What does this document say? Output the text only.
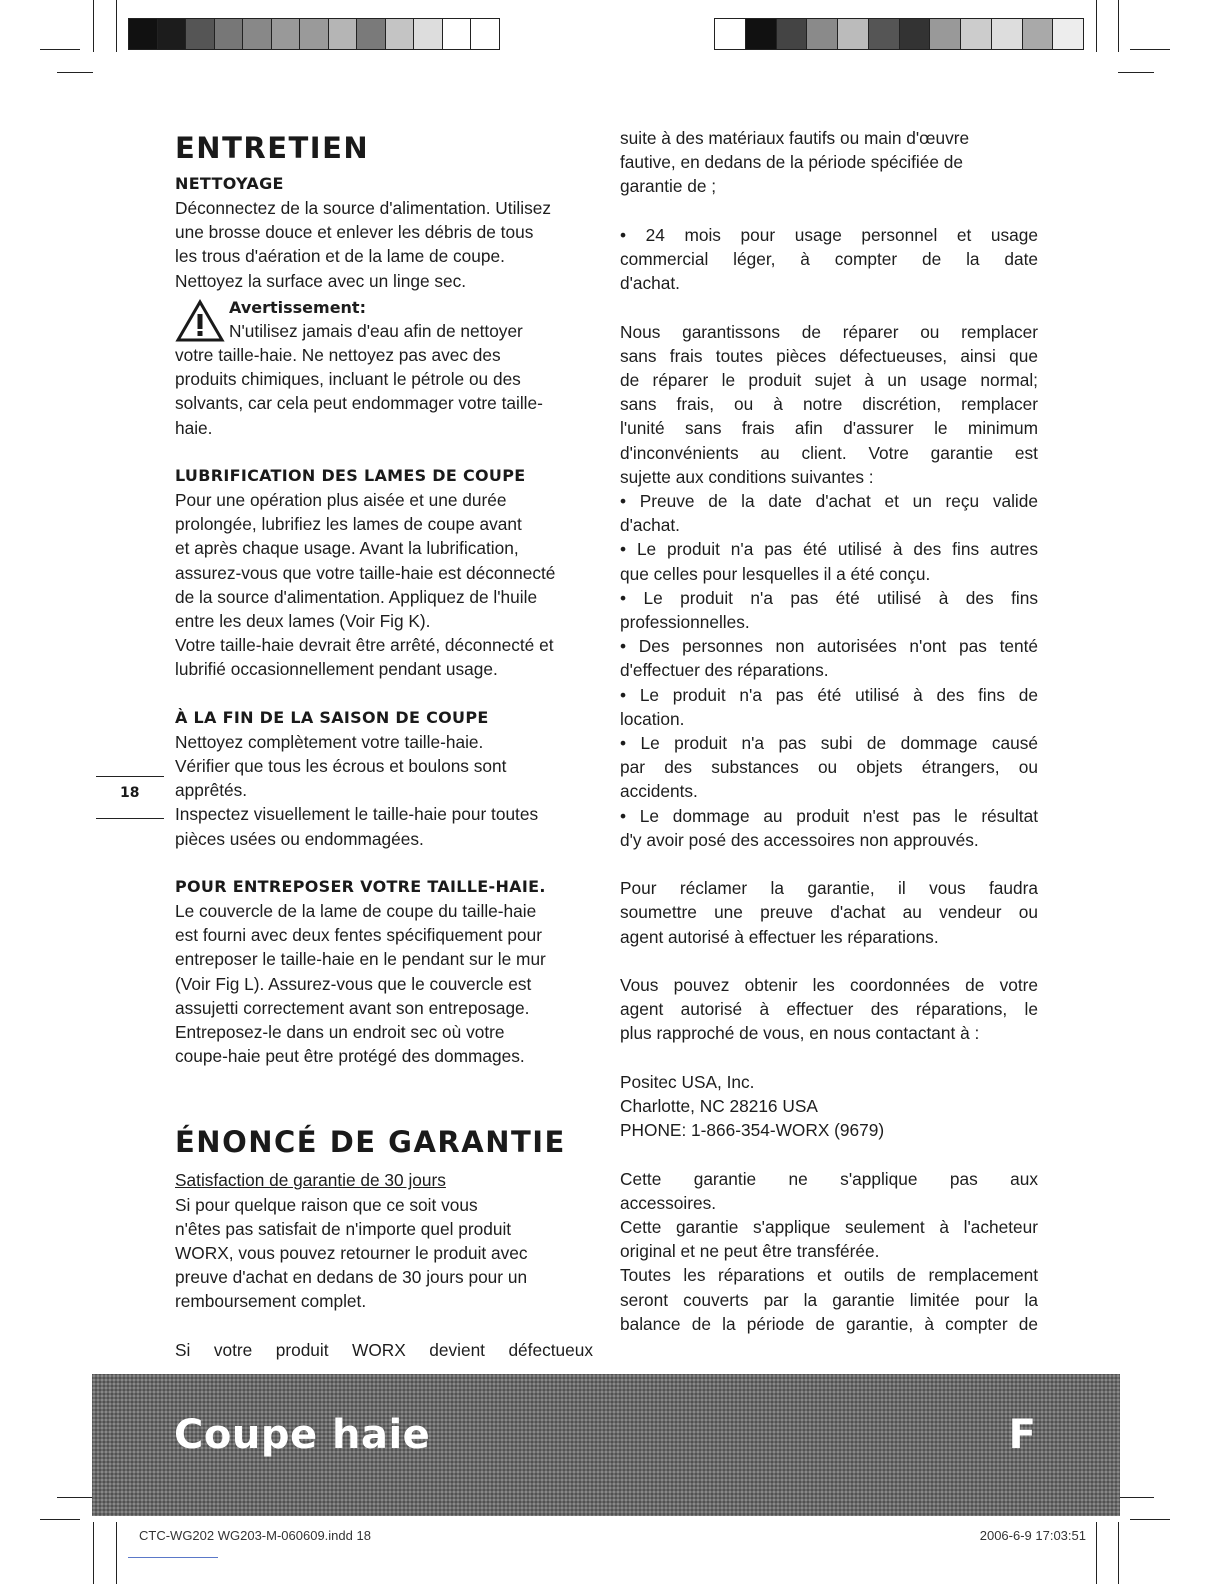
18
ENTRETIEN
NETTOYAGE

Déconnectez de la source d'alimentation. Utilisez

une brosse douce et enlever les débris de tous

les trous d'aération et de la lame de coupe.

Nettoyez la surface avec un linge sec.

Avertissement:

N'utilisez jamais d'eau afin de nettoyer

votre taille-haie. Ne nettoyez pas avec des

produits chimiques, incluant le pétrole ou des

solvants, car cela peut endommager votre taille-

haie.

LUBRIFICATION DES LAMES DE COUPE

Pour une opération plus aisée et une durée

prolongée, lubrifiez les lames de coupe avant

et après chaque usage. Avant la lubrification,

assurez-vous que votre taille-haie est déconnecté

de la source d'alimentation. Appliquez de l'huile

entre les deux lames (Voir Fig K).

Votre taille-haie devrait être arrêté, déconnecté et

lubrifié occasionnellement pendant usage.

À LA FIN DE LA SAISON DE COUPE

Nettoyez complètement votre taille-haie.

Vérifier que tous les écrous et boulons sont

apprêtés.

Inspectez visuellement le taille-haie pour toutes

pièces usées ou endommagées.

POUR ENTREPOSER VOTRE TAILLE-HAIE.

Le couvercle de la lame de coupe du taille-haie

est fourni avec deux fentes spécifiquement pour

entreposer le taille-haie en le pendant sur le mur

(Voir Fig L). Assurez-vous que le couvercle est

assujetti correctement avant son entreposage.

Entreposez-le dans un endroit sec où votre

coupe-haie peut être protégé des dommages.

ÉNONCÉ DE GARANTIE

Satisfaction de garantie de 30 jours

Si pour quelque raison que ce soit vous

n'êtes pas satisfait de n'importe quel produit

WORX, vous pouvez retourner le produit avec

preuve d'achat en dedans de 30 jours pour un

remboursement complet.

Si votre produit WORX devient défectueux

suite à des matériaux fautifs ou main d'œuvre

fautive, en dedans de la période spécifiée de

garantie de ;

• 24 mois pour usage personnel et usage

commercial léger, à compter de la date

d'achat.

Nous garantissons de réparer ou remplacer

sans frais toutes pièces défectueuses, ainsi que

de réparer le produit sujet à un usage normal;

sans frais, ou à notre discrétion, remplacer

l'unité sans frais afin d'assurer le minimum

d'inconvénients au client. Votre garantie est

sujette aux conditions suivantes :

• Preuve de la date d'achat et un reçu valide

d'achat.

• Le produit n'a pas été utilisé à des fins autres

que celles pour lesquelles il a été conçu.

• Le produit n'a pas été utilisé à des fins

professionnelles.

• Des personnes non autorisées n'ont pas tenté

d'effectuer des réparations.

• Le produit n'a pas été utilisé à des fins de

location.

• Le produit n'a pas subi de dommage causé

par des substances ou objets étrangers, ou

accidents.

• Le dommage au produit n'est pas le résultat

d'y avoir posé des accessoires non approuvés.

Pour réclamer la garantie, il vous faudra

soumettre une preuve d'achat au vendeur ou

agent autorisé à effectuer les réparations.

Vous pouvez obtenir les coordonnées de votre

agent autorisé à effectuer des réparations, le

plus rapproché de vous, en nous contactant à :

Positec USA, Inc.

Charlotte, NC 28216 USA

PHONE: 1-866-354-WORX (9679)

Cette garantie ne s'applique pas aux

accessoires.

Cette garantie s'applique seulement à l'acheteur

original et ne peut être transférée.

Toutes les réparations et outils de remplacement

seront couverts par la garantie limitée pour la

balance de la période de garantie, à compter de

Coupe haie	F
CTC-WG202 WG203-M-060609.indd 18	2006-6-9 17:03:51
